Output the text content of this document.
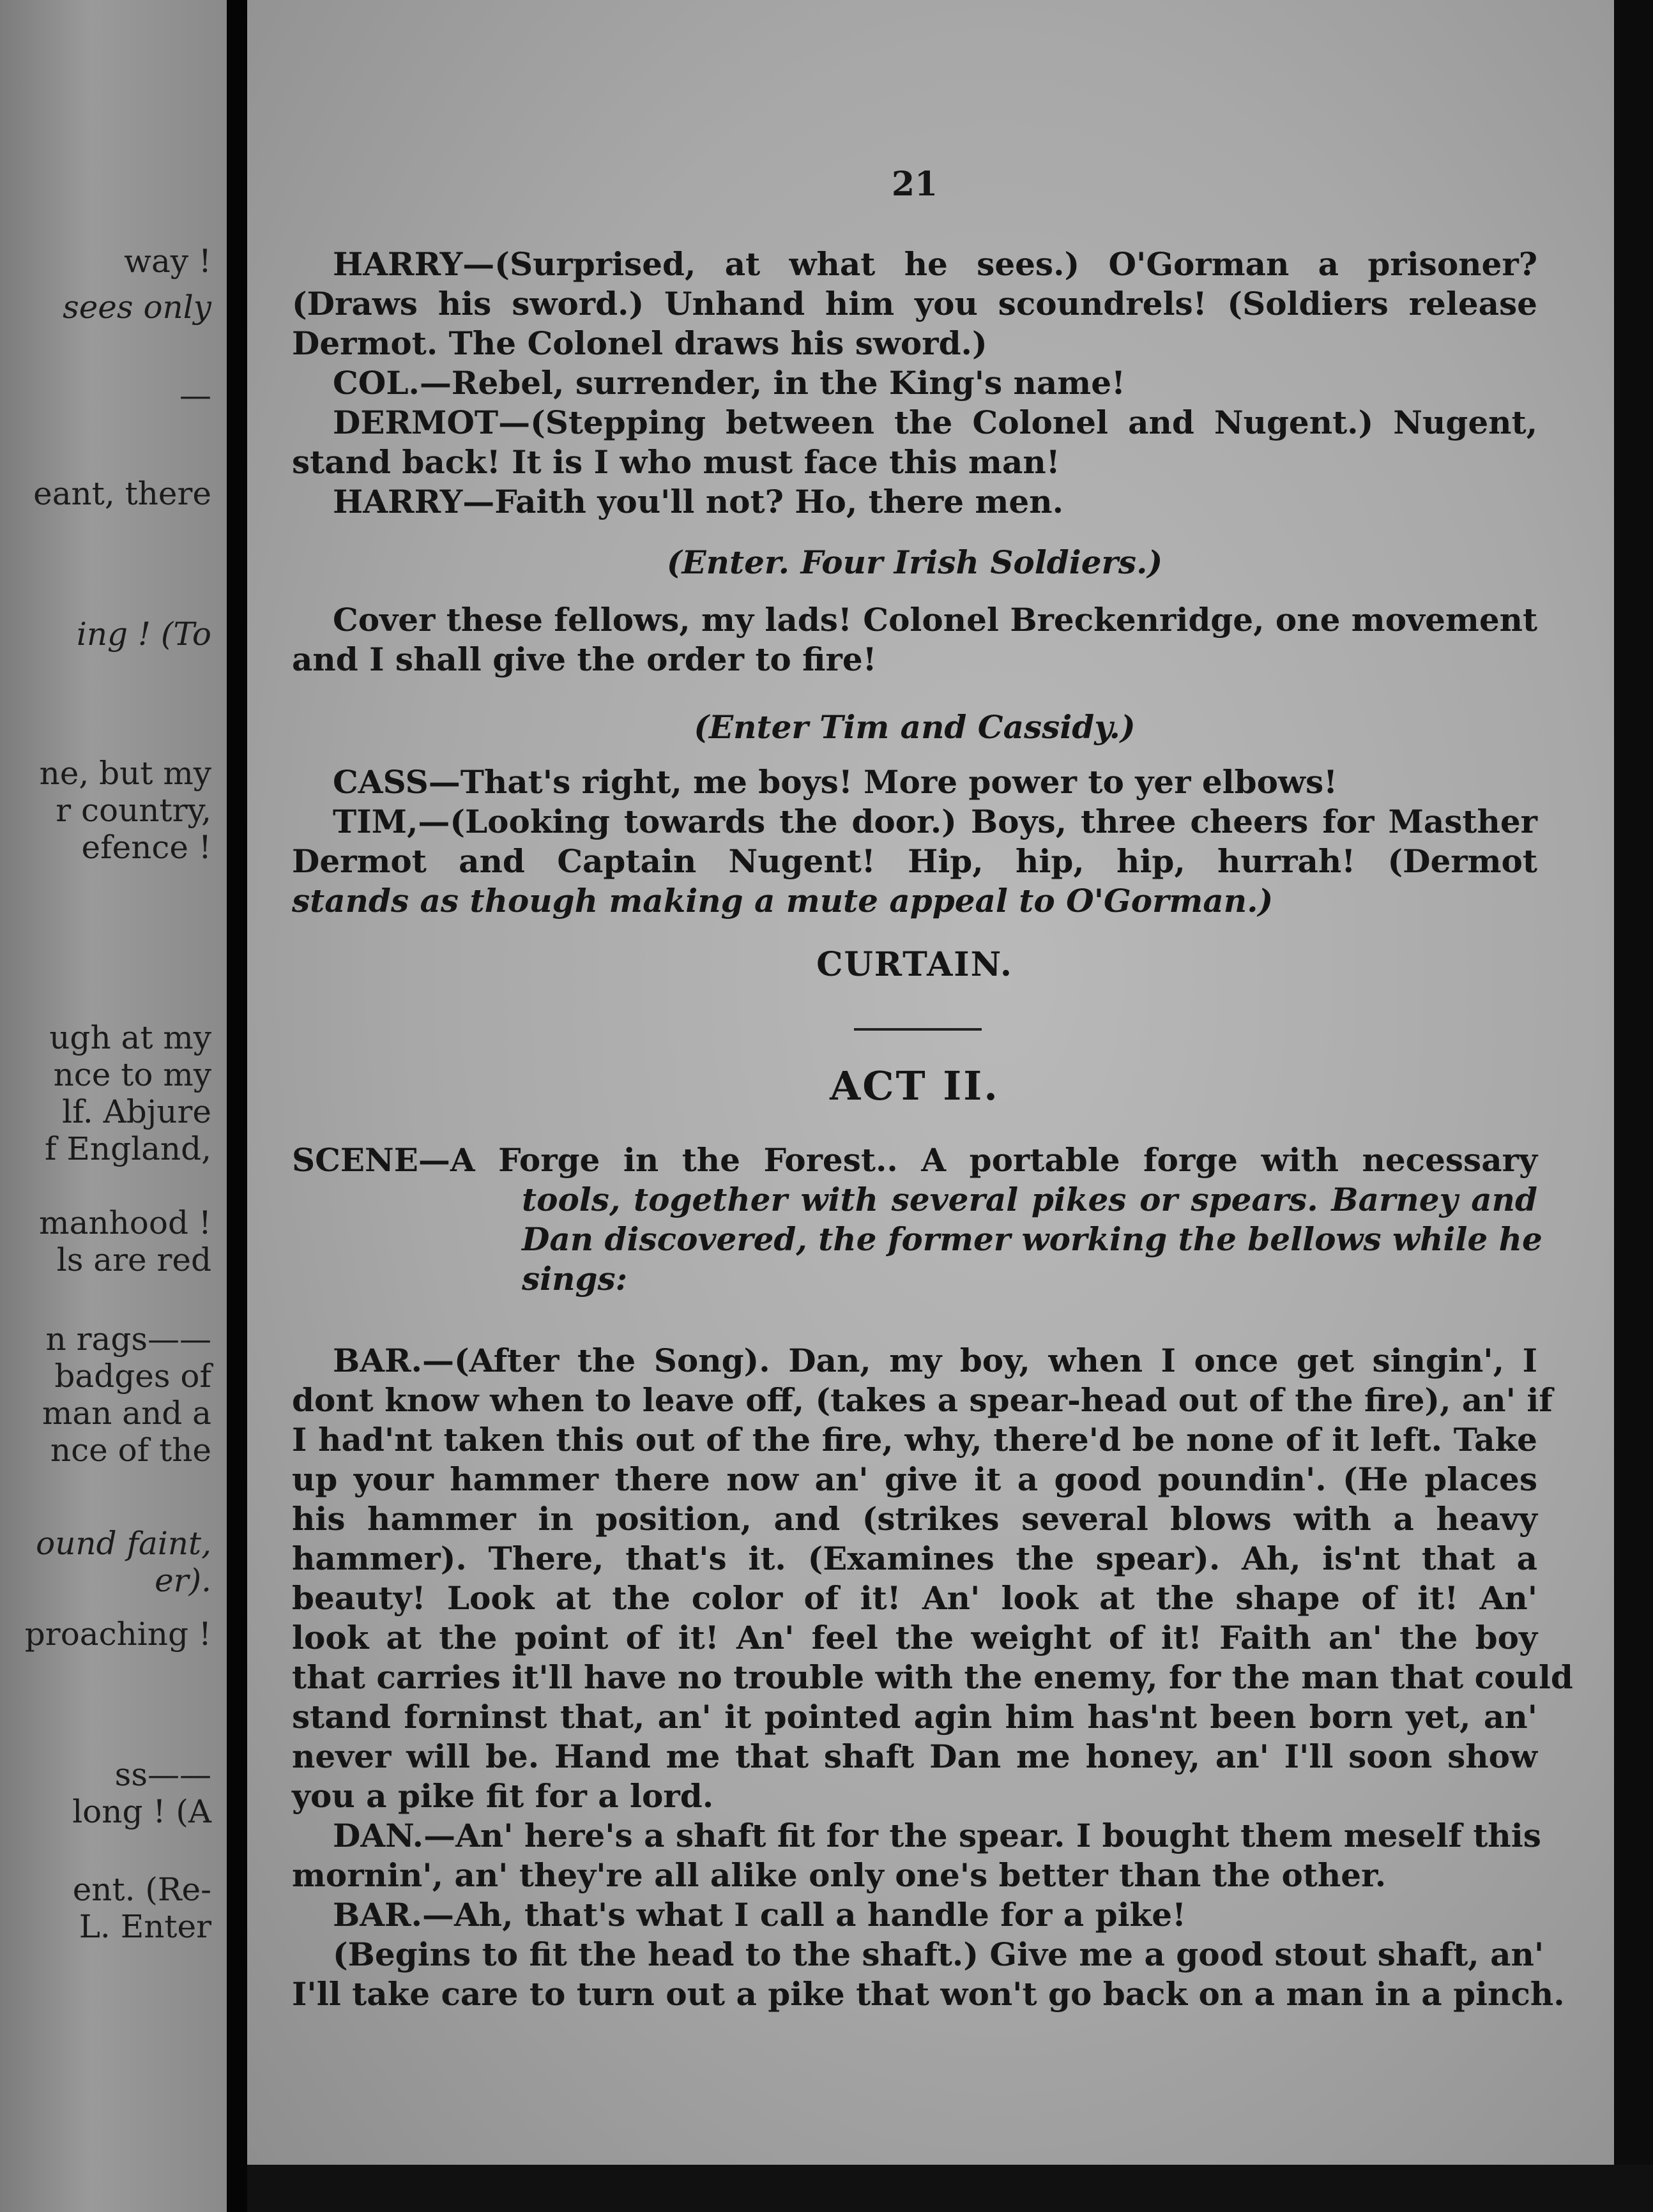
way !
sees only
—
eant, there
ing ! (To
ne, but my
r country,
efence !
ugh at my
nce to my
lf. Abjure
f England,
manhood !
ls are red
n rags——
badges of
man and a
nce of the
ound faint,
er).
proaching !
ss——
long ! (A
ent. (Re-
L. Enter
21
HARRY—(Surprised, at what he sees.) O'Gorman a prisoner?
(Draws his sword.) Unhand him you scoundrels! (Soldiers release
Dermot. The Colonel draws his sword.)
COL.—Rebel, surrender, in the King's name!
DERMOT—(Stepping between the Colonel and Nugent.) Nugent,
stand back! It is I who must face this man!
HARRY—Faith you'll not? Ho, there men.
(Enter. Four Irish Soldiers.)
Cover these fellows, my lads! Colonel Breckenridge, one movement
and I shall give the order to fire!
(Enter Tim and Cassidy.)
CASS—That's right, me boys! More power to yer elbows!
TIM,—(Looking towards the door.) Boys, three cheers for Masther
Dermot and Captain Nugent! Hip, hip, hip, hurrah! (Dermot
stands as though making a mute appeal to O'Gorman.)
CURTAIN.
ACT II.
SCENE—A Forge in the Forest.. A portable forge with necessary
tools, together with several pikes or spears. Barney and
Dan discovered, the former working the bellows while he
sings:
BAR.—(After the Song). Dan, my boy, when I once get singin', I
dont know when to leave off, (takes a spear-head out of the fire), an' if
I had'nt taken this out of the fire, why, there'd be none of it left. Take
up your hammer there now an' give it a good poundin'. (He places
his hammer in position, and (strikes several blows with a heavy
hammer). There, that's it. (Examines the spear). Ah, is'nt that a
beauty! Look at the color of it! An' look at the shape of it! An'
look at the point of it! An' feel the weight of it! Faith an' the boy
that carries it'll have no trouble with the enemy, for the man that could
stand forninst that, an' it pointed agin him has'nt been born yet, an'
never will be. Hand me that shaft Dan me honey, an' I'll soon show
you a pike fit for a lord.
DAN.—An' here's a shaft fit for the spear. I bought them meself this
mornin', an' they're all alike only one's better than the other.
BAR.—Ah, that's what I call a handle for a pike!
(Begins to fit the head to the shaft.) Give me a good stout shaft, an'
I'll take care to turn out a pike that won't go back on a man in a pinch.
